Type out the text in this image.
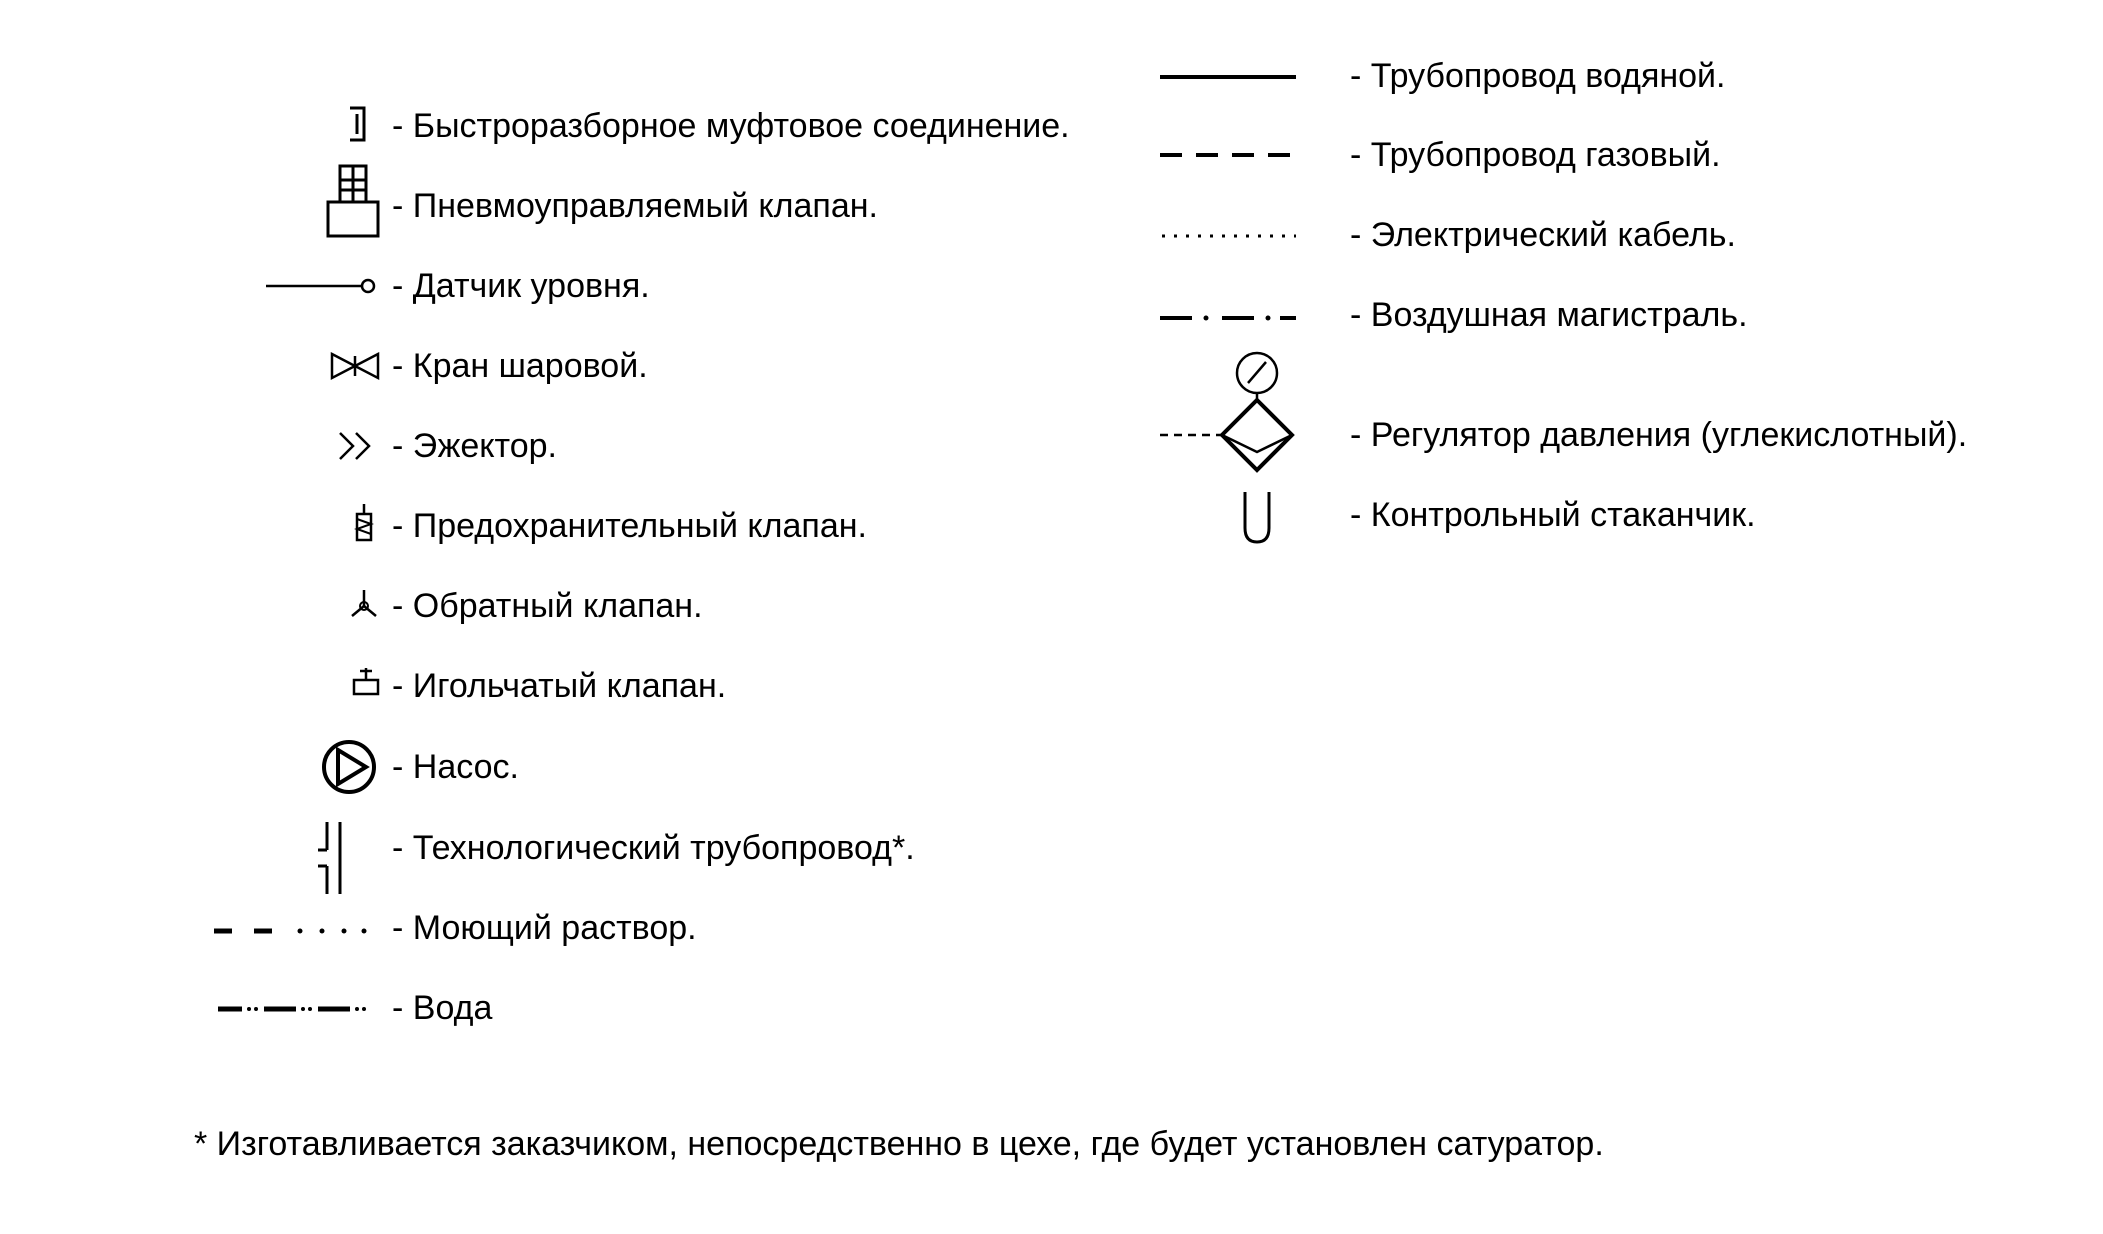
- Быстроразборное муфтовое соединение.
- Пневмоуправляемый клапан.
- Датчик уровня.
- Кран шаровой.
- Эжектор.
- Предохранительный клапан.
- Обратный клапан.
- Игольчатый клапан.
- Насос.
- Технологический трубопровод*.
- Моющий раствор.
- Вода
- Трубопровод водяной.
- Трубопровод газовый.
- Электрический кабель.
- Воздушная магистраль.
- Регулятор давления (углекислотный).
- Контрольный стаканчик.
* Изготавливается заказчиком, непосредственно в цехе, где будет установлен сатуратор.
